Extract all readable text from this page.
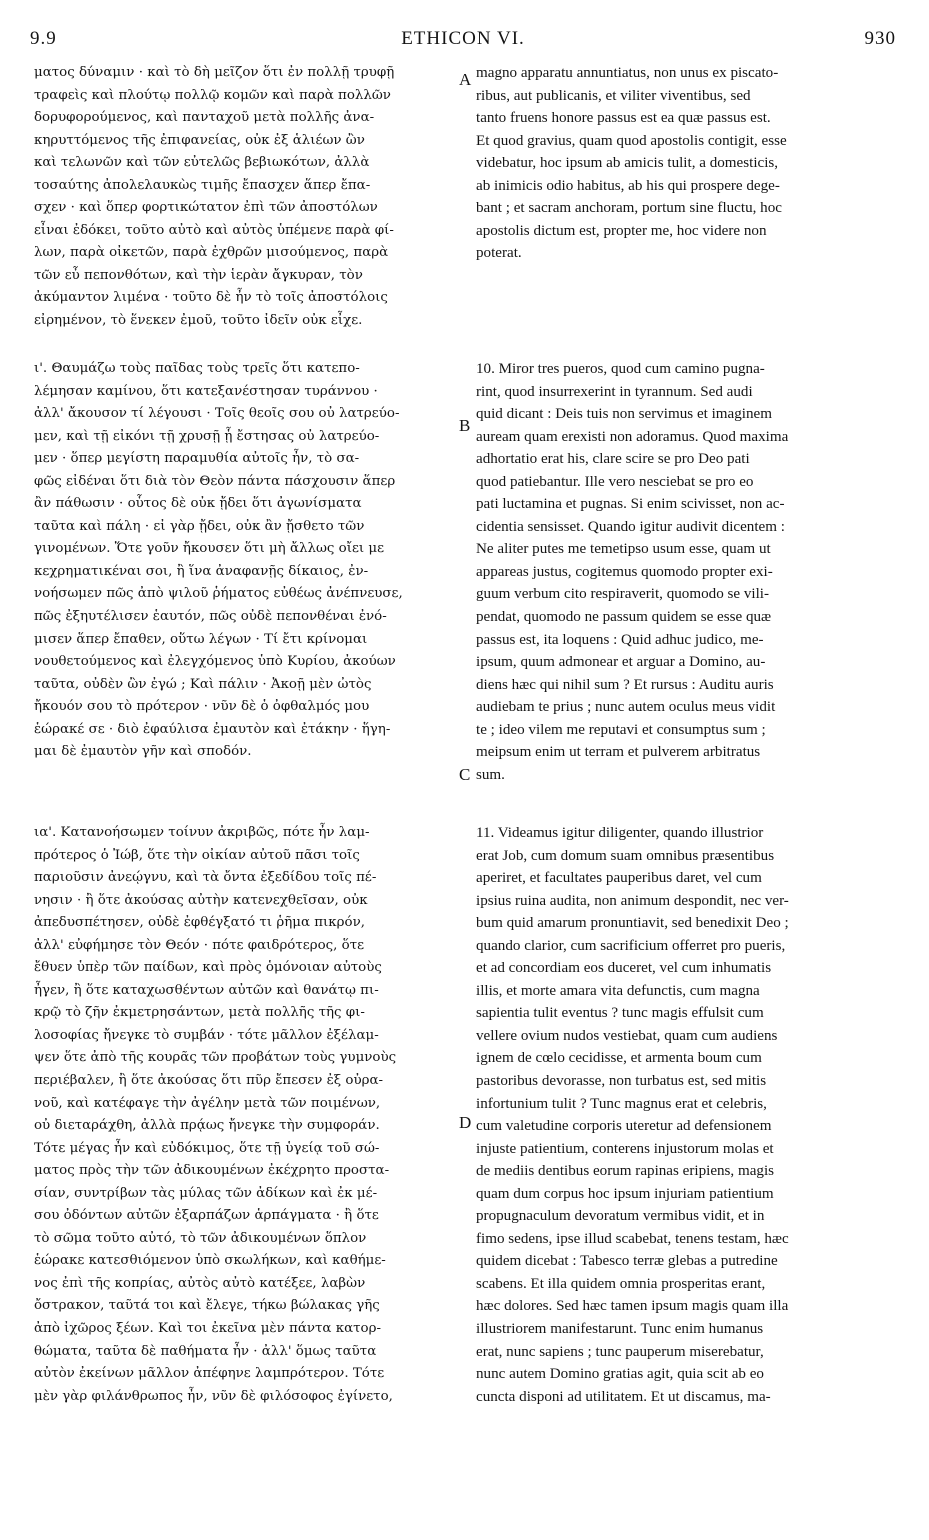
9.9	ETHICON VI.	930

ματος δύναμιν · καὶ τὸ δὴ μεῖζον ὅτι ἐν πολλῇ τρυφῇ
τραφεὶς καὶ πλούτῳ πολλῷ κομῶν καὶ παρὰ πολλῶν
δορυφορούμενος, καὶ πανταχοῦ μετὰ πολλῆς ἀνα-
κηρυττόμενος τῆς ἐπιφανείας, οὐκ ἐξ ἁλιέων ὢν
καὶ τελωνῶν καὶ τῶν εὐτελῶς βεβιωκότων, ἀλλὰ
τοσαύτης ἀπολελαυκὼς τιμῆς ἔπασχεν ἅπερ ἔπα-
σχεν · καὶ ὅπερ φορτικώτατον ἐπὶ τῶν ἀποστόλων
εἶναι ἐδόκει, τοῦτο αὐτὸ καὶ αὐτὸς ὑπέμενε παρὰ φί-
λων, παρὰ οἰκετῶν, παρὰ ἐχθρῶν μισούμενος, παρὰ
τῶν εὖ πεπονθότων, καὶ τὴν ἱερὰν ἄγκυραν, τὸν
ἀκύμαντον λιμένα · τοῦτο δὲ ἦν τὸ τοῖς ἀποστόλοις
εἰρημένον, τὸ ἕνεκεν ἐμοῦ, τοῦτο ἰδεῖν οὐκ εἶχε.

ι'. Θαυμάζω τοὺς παῖδας τοὺς τρεῖς ὅτι κατεπο-
λέμησαν καμίνου, ὅτι κατεξανέστησαν τυράννου ·
ἀλλ' ἄκουσον τί λέγουσι · Τοῖς θεοῖς σου οὐ λατρεύο-
μεν, καὶ τῇ εἰκόνι τῇ χρυσῇ ᾗ ἔστησας οὐ λατρεύο-
μεν · ὅπερ μεγίστη παραμυθία αὐτοῖς ἦν, τὸ σα-
φῶς εἰδέναι ὅτι διὰ τὸν Θεὸν πάντα πάσχουσιν ἅπερ
ἂν πάθωσιν · οὗτος δὲ οὐκ ᾔδει ὅτι ἀγωνίσματα
ταῦτα καὶ πάλη · εἰ γὰρ ᾔδει, οὐκ ἂν ᾔσθετο τῶν
γινομένων. Ὅτε γοῦν ἤκουσεν ὅτι μὴ ἄλλως οἴει με
κεχρηματικέναι σοι, ἢ ἵνα ἀναφανῇς δίκαιος, ἐν-
νοήσωμεν πῶς ἀπὸ ψιλοῦ ῥήματος εὐθέως ἀνέπνευσε,
πῶς ἐξηυτέλισεν ἑαυτόν, πῶς οὐδὲ πεπονθέναι ἐνό-
μισεν ἅπερ ἔπαθεν, οὕτω λέγων · Τί ἔτι κρίνομαι
νουθετούμενος καὶ ἐλεγχόμενος ὑπὸ Κυρίου, ἀκούων
ταῦτα, οὐδὲν ὢν ἐγώ ; Καὶ πάλιν · Ἀκοῇ μὲν ὠτὸς
ἤκουόν σου τὸ πρότερον · νῦν δὲ ὁ ὀφθαλμός μου
ἑώρακέ σε · διὸ ἐφαύλισα ἐμαυτὸν καὶ ἐτάκην · ἥγη-
μαι δὲ ἐμαυτὸν γῆν καὶ σποδόν.

ια'. Κατανοήσωμεν τοίνυν ἀκριβῶς, πότε ἦν λαμ-
πρότερος ὁ Ἰώβ, ὅτε τὴν οἰκίαν αὐτοῦ πᾶσι τοῖς
παριοῦσιν ἀνεῴγνυ, καὶ τὰ ὄντα ἐξεδίδου τοῖς πέ-
νησιν · ἢ ὅτε ἀκούσας αὐτὴν κατενεχθεῖσαν, οὐκ
ἀπεδυσπέτησεν, οὐδὲ ἐφθέγξατό τι ῥῆμα πικρόν,
ἀλλ' εὐφήμησε τὸν Θεόν · πότε φαιδρότερος, ὅτε
ἔθυεν ὑπὲρ τῶν παίδων, καὶ πρὸς ὁμόνοιαν αὐτοὺς
ἦγεν, ἢ ὅτε καταχωσθέντων αὐτῶν καὶ θανάτῳ πι-
κρῷ τὸ ζῆν ἐκμετρησάντων, μετὰ πολλῆς τῆς φι-
λοσοφίας ἤνεγκε τὸ συμβάν · τότε μᾶλλον ἐξέλαμ-
ψεν ὅτε ἀπὸ τῆς κουρᾶς τῶν προβάτων τοὺς γυμνοὺς
περιέβαλεν, ἢ ὅτε ἀκούσας ὅτι πῦρ ἔπεσεν ἐξ οὐρα-
νοῦ, καὶ κατέφαγε τὴν ἀγέλην μετὰ τῶν ποιμένων,
οὐ διεταράχθη, ἀλλὰ πρᾴως ἤνεγκε τὴν συμφοράν.
Τότε μέγας ἦν καὶ εὐδόκιμος, ὅτε τῇ ὑγείᾳ τοῦ σώ-
ματος πρὸς τὴν τῶν ἀδικουμένων ἐκέχρητο προστα-
σίαν, συντρίβων τὰς μύλας τῶν ἀδίκων καὶ ἐκ μέ-
σου ὀδόντων αὐτῶν ἐξαρπάζων ἁρπάγματα · ἢ ὅτε
τὸ σῶμα τοῦτο αὐτό, τὸ τῶν ἀδικουμένων ὅπλον
ἑώρακε κατεσθιόμενον ὑπὸ σκωλήκων, καὶ καθήμε-
νος ἐπὶ τῆς κοπρίας, αὐτὸς αὐτὸ κατέξεε, λαβὼν
ὄστρακον, ταῦτά τοι καὶ ἔλεγε, τήκω βώλακας γῆς
ἀπὸ ἰχῶρος ξέων. Καὶ τοι ἐκεῖνα μὲν πάντα κατορ-
θώματα, ταῦτα δὲ παθήματα ἦν · ἀλλ' ὅμως ταῦτα
αὐτὸν ἐκείνων μᾶλλον ἀπέφηνε λαμπρότερον. Τότε
μὲν γὰρ φιλάνθρωπος ἦν, νῦν δὲ φιλόσοφος ἐγίνετο,

A
B
C
D

magno apparatu annuntiatus, non unus ex piscato-
ribus, aut publicanis, et viliter viventibus, sed
tanto fruens honore passus est ea quæ passus est.
Et quod gravius, quam quod apostolis contigit, esse
videbatur, hoc ipsum ab amicis tulit, a domesticis,
ab inimicis odio habitus, ab his qui prospere dege-
bant ; et sacram anchoram, portum sine fluctu, hoc
apostolis dictum est, propter me, hoc videre non
poterat.

10. Miror tres pueros, quod cum camino pugna-
rint, quod insurrexerint in tyrannum. Sed audi
quid dicant : Deis tuis non servimus et imaginem
auream quam erexisti non adoramus. Quod maxima
adhortatio erat his, clare scire se pro Deo pati
quod patiebantur. Ille vero nesciebat se pro eo
pati luctamina et pugnas. Si enim scivisset, non ac-
cidentia sensisset. Quando igitur audivit dicentem :
Ne aliter putes me temetipso usum esse, quam ut
appareas justus, cogitemus quomodo propter exi-
guum verbum cito respiraverit, quomodo se vili-
pendat, quomodo ne passum quidem se esse quæ
passus est, ita loquens : Quid adhuc judico, me-
ipsum, quum admonear et arguar a Domino, au-
diens hæc qui nihil sum ? Et rursus : Auditu auris
audiebam te prius ; nunc autem oculus meus vidit
te ; ideo vilem me reputavi et consumptus sum ;
meipsum enim ut terram et pulverem arbitratus
sum.

11. Videamus igitur diligenter, quando illustrior
erat Job, cum domum suam omnibus præsentibus
aperiret, et facultates pauperibus daret, vel cum
ipsius ruina audita, non animum despondit, nec ver-
bum quid amarum pronuntiavit, sed benedixit Deo ;
quando clarior, cum sacrificium offerret pro pueris,
et ad concordiam eos duceret, vel cum inhumatis
illis, et morte amara vita defunctis, cum magna
sapientia tulit eventus ? tunc magis effulsit cum
vellere ovium nudos vestiebat, quam cum audiens
ignem de cœlo cecidisse, et armenta boum cum
pastoribus devorasse, non turbatus est, sed mitis
infortunium tulit ? Tunc magnus erat et celebris,
cum valetudine corporis uteretur ad defensionem
injuste patientium, conterens injustorum molas et
de mediis dentibus eorum rapinas eripiens, magis
quam dum corpus hoc ipsum injuriam patientium
propugnaculum devoratum vermibus vidit, et in
fimo sedens, ipse illud scabebat, tenens testam, hæc
quidem dicebat : Tabesco terræ glebas a putredine
scabens. Et illa quidem omnia prosperitas erant,
hæc dolores. Sed hæc tamen ipsum magis quam illa
illustriorem manifestarunt. Tunc enim humanus
erat, nunc sapiens ; tunc pauperum miserebatur,
nunc autem Domino gratias agit, quia scit ab eo
cuncta disponi ad utilitatem. Et ut discamus, ma-
